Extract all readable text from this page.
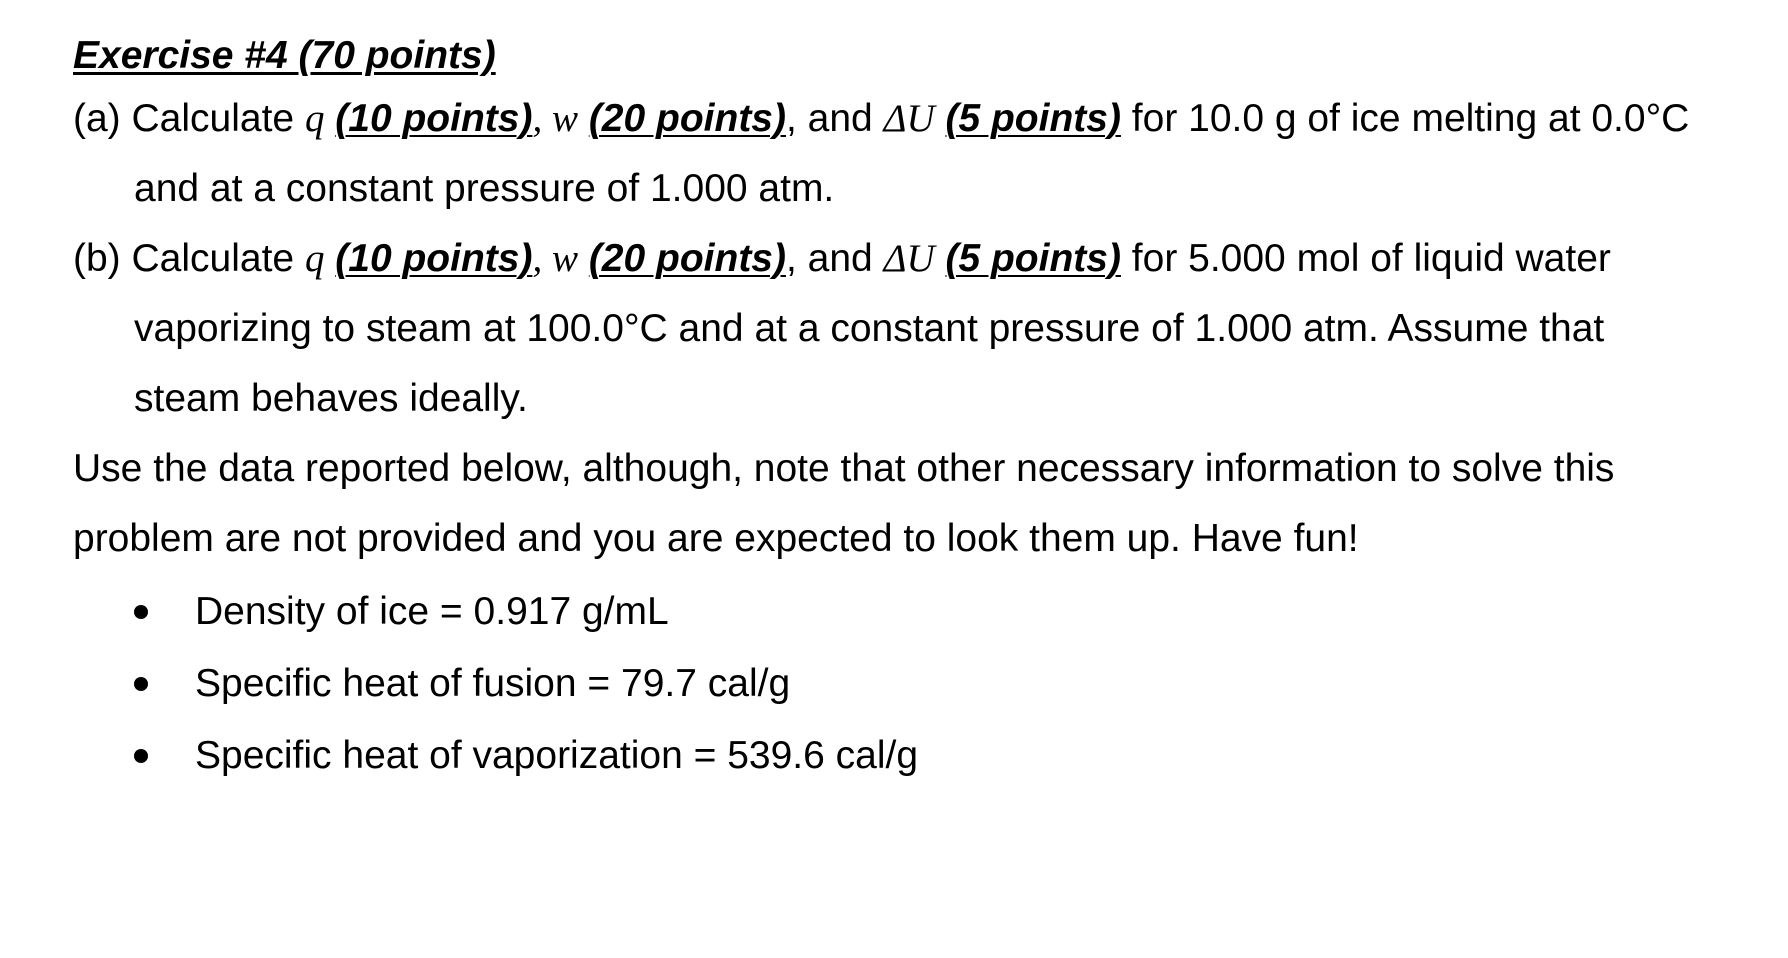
Exercise #4 (70 points)
(a) Calculate q (10 points), w (20 points), and ΔU (5 points) for 10.0 g of ice melting at 0.0°C and at a constant pressure of 1.000 atm.
(b) Calculate q (10 points), w (20 points), and ΔU (5 points) for 5.000 mol of liquid water vaporizing to steam at 100.0°C and at a constant pressure of 1.000 atm. Assume that steam behaves ideally.

Use the data reported below, although, note that other necessary information to solve this problem are not provided and you are expected to look them up. Have fun!

Density of ice = 0.917 g/mL
Specific heat of fusion = 79.7 cal/g
Specific heat of vaporization = 539.6 cal/g
